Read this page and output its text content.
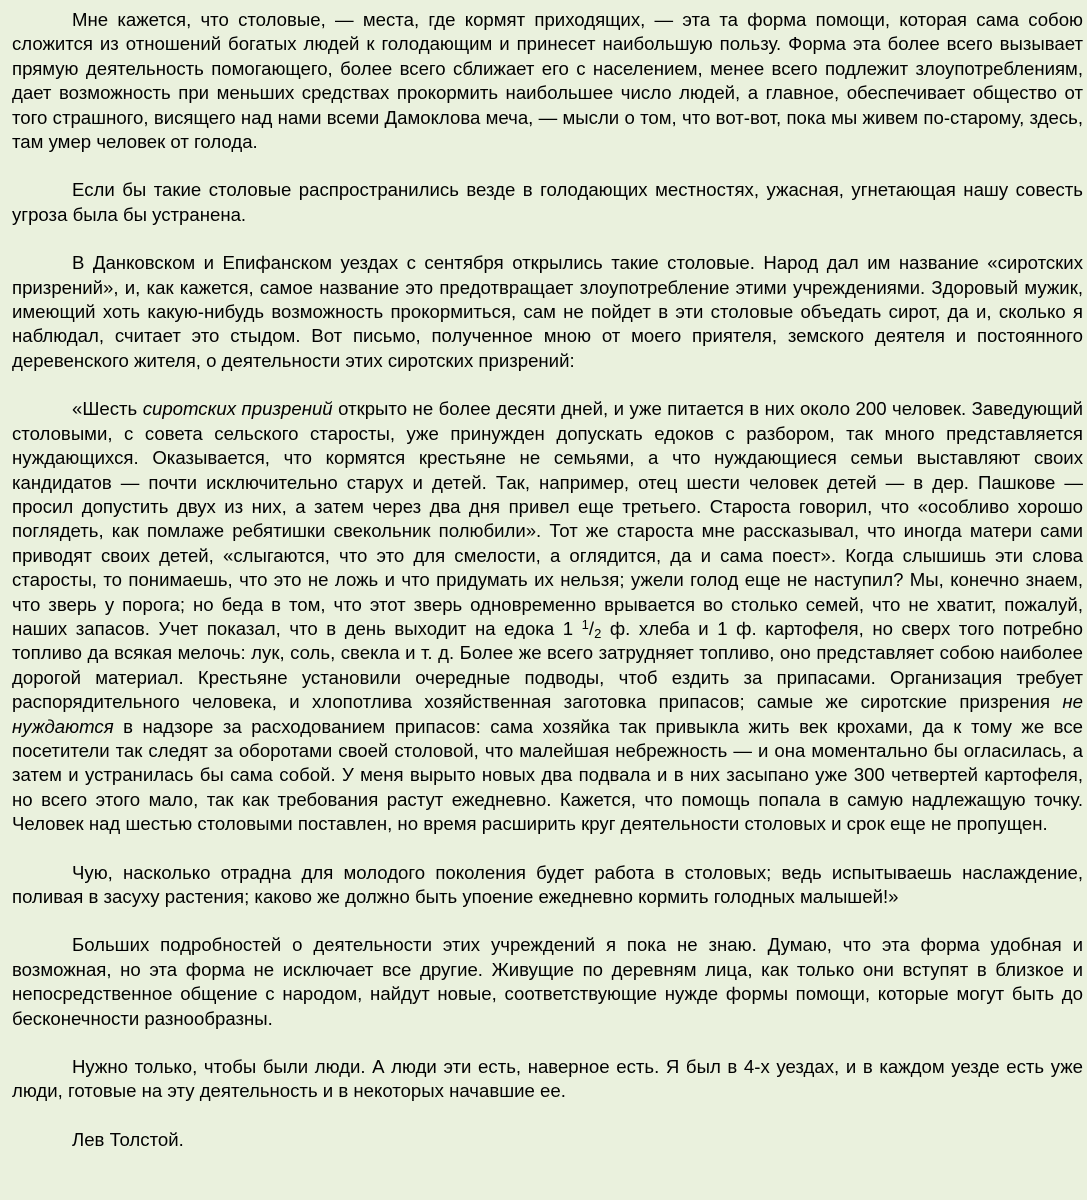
Мне кажется, что столовые, — места, где кормят приходящих, — эта та форма помощи, которая сама собою сложится из отношений богатых людей к голодающим и принесет наибольшую пользу. Форма эта более всего вызывает прямую деятельность помогающего, более всего сближает его с населением, менее всего подлежит злоупотреблениям, дает возможность при меньших средствах прокормить наибольшее число людей, а главное, обеспечивает общество от того страшного, висящего над нами всеми Дамоклова меча, — мысли о том, что вот-вот, пока мы живем по-старому, здесь, там умер человек от голода.

Если бы такие столовые распространились везде в голодающих местностях, ужасная, угнетающая нашу совесть угроза была бы устранена.

В Данковском и Епифанском уездах с сентября открылись такие столовые. Народ дал им название «сиротских призрений», и, как кажется, самое название это предотвращает злоупотребление этими учреждениями. Здоровый мужик, имеющий хоть какую-нибудь возможность прокормиться, сам не пойдет в эти столовые объедать сирот, да и, сколько я наблюдал, считает это стыдом. Вот письмо, полученное мною от моего приятеля, земского деятеля и постоянного деревенского жителя, о деятельности этих сиротских призрений:

«Шесть сиротских призрений открыто не более десяти дней, и уже питается в них около 200 человек. Заведующий столовыми, с совета сельского старосты, уже принужден допускать едоков с разбором, так много представляется нуждающихся. Оказывается, что кормятся крестьяне не семьями, а что нуждающиеся семьи выставляют своих кандидатов — почти исключительно старух и детей. Так, например, отец шести человек детей — в дер. Пашкове — просил допустить двух из них, а затем через два дня привел еще третьего. Староста говорил, что «особливо хорошо поглядеть, как помлаже ребятишки свекольник полюбили». Тот же староста мне рассказывал, что иногда матери сами приводят своих детей, «слыгаются, что это для смелости, а оглядится, да и сама поест». Когда слышишь эти слова старосты, то понимаешь, что это не ложь и что придумать их нельзя; ужели голод еще не наступил? Мы, конечно знаем, что зверь у порога; но беда в том, что этот зверь одновременно врывается во столько семей, что не хватит, пожалуй, наших запасов. Учет показал, что в день выходит на едока 1 $^1/_2$ ф. хлеба и 1 ф. картофеля, но сверх того потребно топливо да всякая мелочь: лук, соль, свекла и т. д. Более же всего затрудняет топливо, оно представляет собою наиболее дорогой материал. Крестьяне установили очередные подводы, чтоб ездить за припасами. Организация требует распорядительного человека, и хлопотлива хозяйственная заготовка припасов; самые же сиротские призрения не нуждаются в надзоре за расходованием припасов: сама хозяйка так привыкла жить век крохами, да к тому же все посетители так следят за оборотами своей столовой, что малейшая небрежность — и она моментально бы огласилась, а затем и устранилась бы сама собой. У меня вырыто новых два подвала и в них засыпано уже 300 четвертей картофеля, но всего этого мало, так как требования растут ежедневно. Кажется, что помощь попала в самую надлежащую точку. Человек над шестью столовыми поставлен, но время расширить круг деятельности столовых и срок еще не пропущен.

Чую, насколько отрадна для молодого поколения будет работа в столовых; ведь испытываешь наслаждение, поливая в засуху растения; каково же должно быть упоение ежедневно кормить голодных малышей!»

Больших подробностей о деятельности этих учреждений я пока не знаю. Думаю, что эта форма удобная и возможная, но эта форма не исключает все другие. Живущие по деревням лица, как только они вступят в близкое и непосредственное общение с народом, найдут новые, соответствующие нужде формы помощи, которые могут быть до бесконечности разнообразны.

Нужно только, чтобы были люди. А люди эти есть, наверное есть. Я был в 4-х уездах, и в каждом уезде есть уже люди, готовые на эту деятельность и в некоторых начавшие ее.

Лев Толстой.
